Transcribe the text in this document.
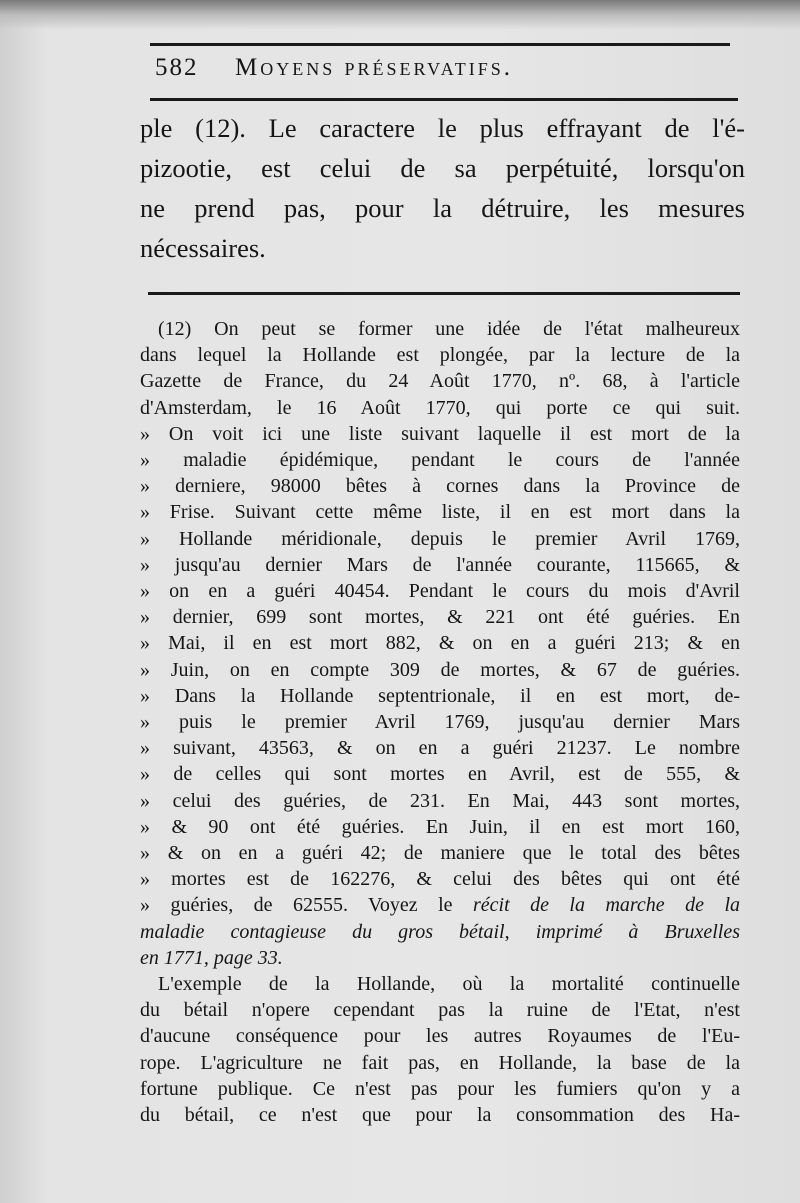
582 Moyens préservatifs.
ple (12). Le caractere le plus effrayant de l'é-
pizootie, est celui de sa perpétuité, lorsqu'on
ne prend pas, pour la détruire, les mesures
nécessaires.
(12) On peut se former une idée de l'état malheureux
dans lequel la Hollande est plongée, par la lecture de la
Gazette de France, du 24 Août 1770, nº. 68, à l'article
d'Amsterdam, le 16 Août 1770, qui porte ce qui suit.
» On voit ici une liste suivant laquelle il est mort de la
» maladie épidémique, pendant le cours de l'année
» derniere, 98000 bêtes à cornes dans la Province de
» Frise. Suivant cette même liste, il en est mort dans la
» Hollande méridionale, depuis le premier Avril 1769,
» jusqu'au dernier Mars de l'année courante, 115665, &
» on en a guéri 40454. Pendant le cours du mois d'Avril
» dernier, 699 sont mortes, & 221 ont été guéries. En
» Mai, il en est mort 882, & on en a guéri 213; & en
» Juin, on en compte 309 de mortes, & 67 de guéries.
» Dans la Hollande septentrionale, il en est mort, de-
» puis le premier Avril 1769, jusqu'au dernier Mars
» suivant, 43563, & on en a guéri 21237. Le nombre
» de celles qui sont mortes en Avril, est de 555, &
» celui des guéries, de 231. En Mai, 443 sont mortes,
» & 90 ont été guéries. En Juin, il en est mort 160,
» & on en a guéri 42; de maniere que le total des bêtes
» mortes est de 162276, & celui des bêtes qui ont été
» guéries, de 62555. Voyez le récit de la marche de la
maladie contagieuse du gros bétail, imprimé à Bruxelles
en 1771, page 33.
L'exemple de la Hollande, où la mortalité continuelle
du bétail n'opere cependant pas la ruine de l'Etat, n'est
d'aucune conséquence pour les autres Royaumes de l'Eu-
rope. L'agriculture ne fait pas, en Hollande, la base de la
fortune publique. Ce n'est pas pour les fumiers qu'on y a
du bétail, ce n'est que pour la consommation des Ha-
